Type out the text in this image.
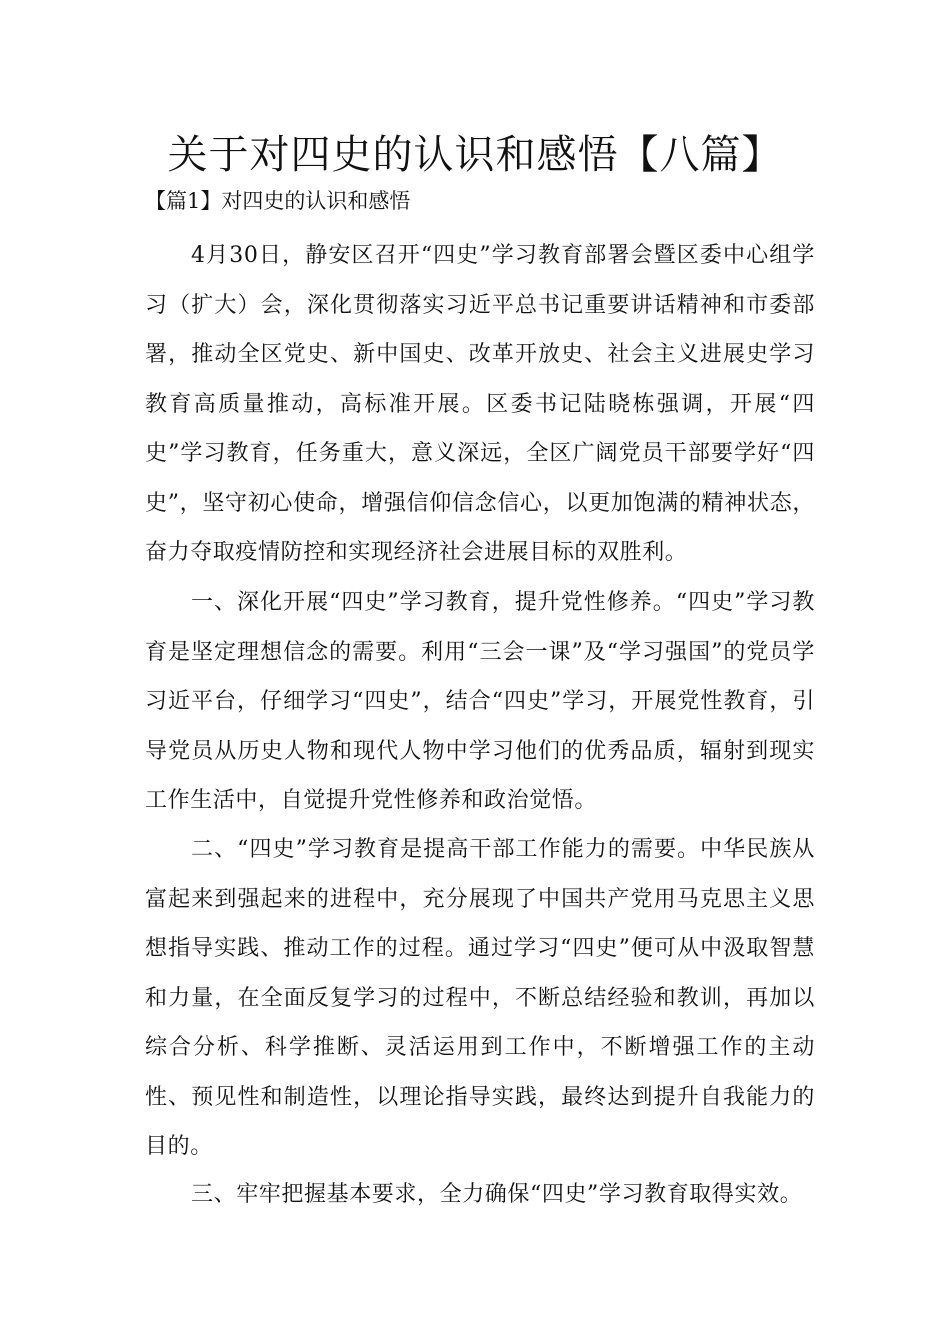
关于对四史的认识和感悟【八篇】
【篇1】对四史的认识和感悟

4月30日，静安区召开“四史”学习教育部署会暨区委中心组学习（扩大）会，深化贯彻落实习近平总书记重要讲话精神和市委部署，推动全区党史、新中国史、改革开放史、社会主义进展史学习教育高质量推动，高标准开展。区委书记陆晓栋强调，开展“四史”学习教育，任务重大，意义深远，全区广阔党员干部要学好“四史”，坚守初心使命，增强信仰信念信心，以更加饱满的精神状态，奋力夺取疫情防控和实现经济社会进展目标的双胜利。

一、深化开展“四史”学习教育，提升党性修养。“四史”学习教育是坚定理想信念的需要。利用“三会一课”及“学习强国”的党员学习近平台，仔细学习“四史”，结合“四史”学习，开展党性教育，引导党员从历史人物和现代人物中学习他们的优秀品质，辐射到现实工作生活中，自觉提升党性修养和政治觉悟。

二、“四史”学习教育是提高干部工作能力的需要。中华民族从富起来到强起来的进程中，充分展现了中国共产党用马克思主义思想指导实践、推动工作的过程。通过学习“四史”便可从中汲取智慧和力量，在全面反复学习的过程中，不断总结经验和教训，再加以综合分析、科学推断、灵活运用到工作中，不断增强工作的主动性、预见性和制造性，以理论指导实践，最终达到提升自我能力的目的。

三、牢牢把握基本要求，全力确保“四史”学习教育取得实效。
